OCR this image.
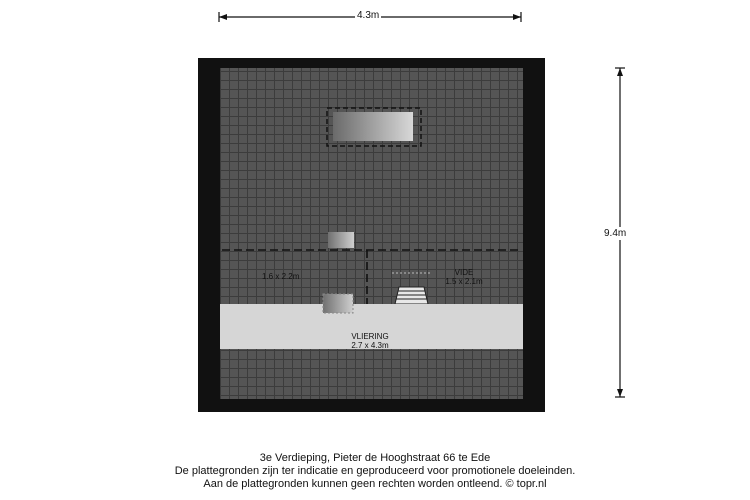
4.3m
9.4m
1.6 x 2.2m	VIDE
1.5 x 2.1m
VLIERING
2.7 x 4.3m
3e Verdieping, Pieter de Hooghstraat 66 te Ede
De plattegronden zijn ter indicatie en geproduceerd voor promotionele doeleinden.
Aan de plattegronden kunnen geen rechten worden ontleend. © topr.nl
